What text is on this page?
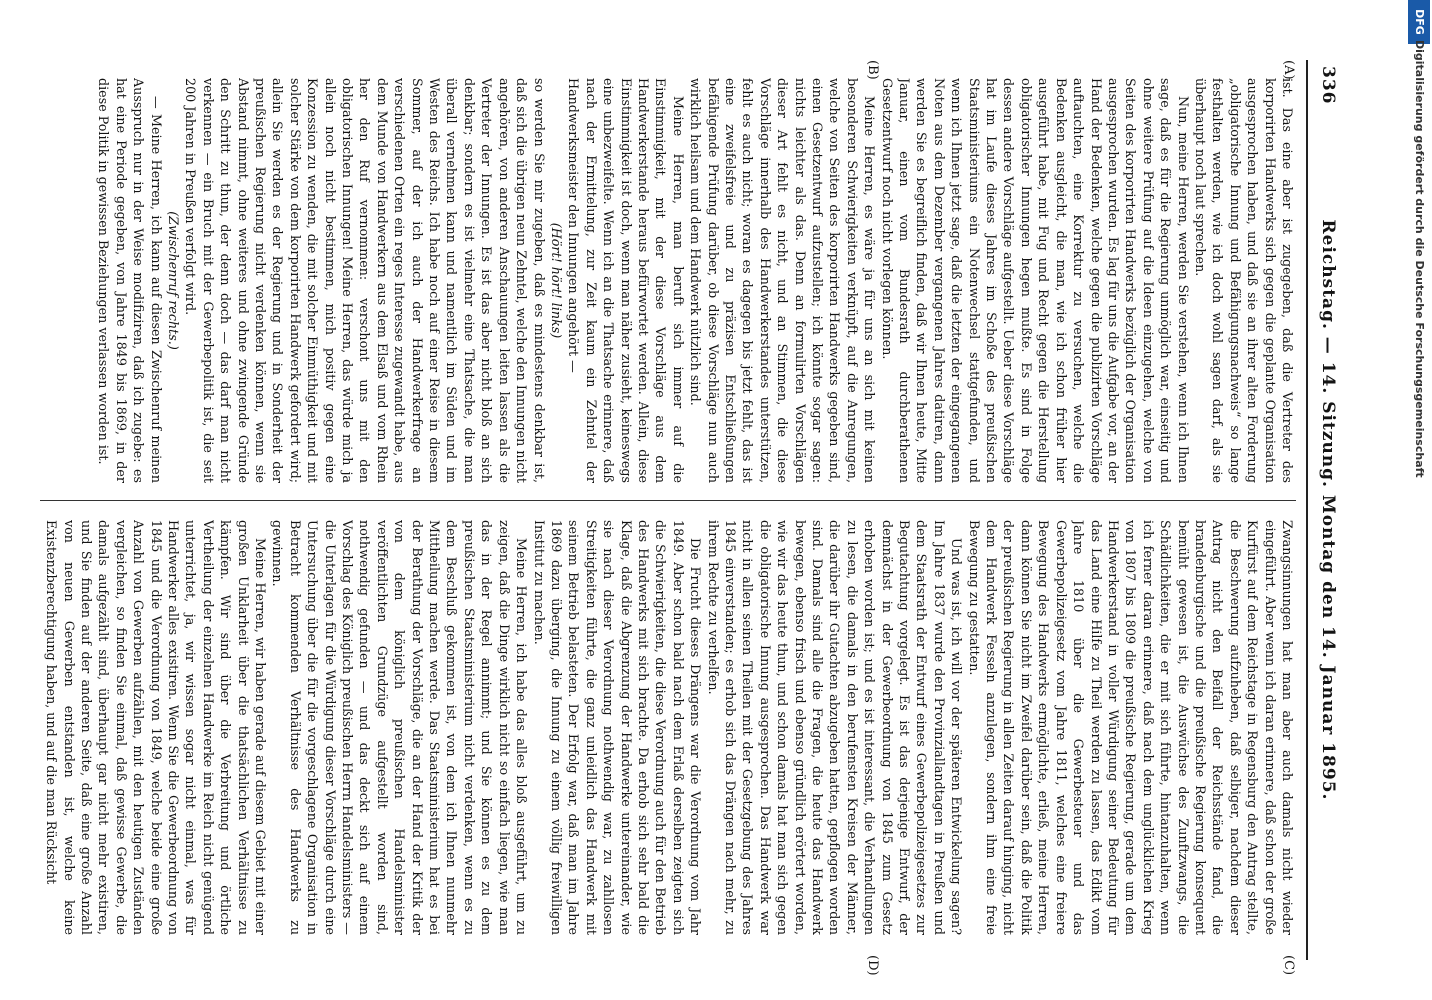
336
Reichstag. — 14. Sitzung. Montag den 14. Januar 1895.
(A)
(B)
(C)
(D)

ist. Das eine aber ist zugegeben, daß die Vertreter des korporirten Handwerks sich gegen die geplante Organisation ausgesprochen haben, und daß sie an ihrer alten Forderung „obligatorische Innung und Befähigungsnachweis“ so lange festhalten werden, wie ich doch wohl sagen darf, als sie überhaupt noch laut sprechen.

Nun, meine Herren, werden Sie verstehen, wenn ich Ihnen sage, daß es für die Regierung unmöglich war, einseitig und ohne weitere Prüfung auf die Ideen einzugehen, welche von Seiten des korporirten Handwerks bezüglich der Organisation ausgesprochen wurden. Es lag für uns die Aufgabe vor, an der Hand der Bedenken, welche gegen die publizirten Vorschläge auftauchten, eine Korrektur zu versuchen, welche die Bedenken ausgleicht, die man, wie ich schon früher hier ausgeführt habe, mit Fug und Recht gegen die Herstellung obligatorischer Innungen hegen mußte. Es sind in Folge dessen andere Vorschläge aufgestellt. Ueber diese Vorschläge hat im Laufe dieses Jahres im Schoße des preußischen Staatsministeriums ein Notenwechsel stattgefunden, und wenn ich Ihnen jetzt sage, daß die letzten der eingegangenen Noten aus dem Dezember vergangenen Jahres datiren, dann werden Sie es begreiflich finden, daß wir Ihnen heute, Mitte Januar, einen vom Bundesrath durchberathenen Gesetzentwurf noch nicht vorlegen können.

Meine Herren, es wäre ja für uns an sich mit keinen besonderen Schwierigkeiten verknüpft, auf die Anregungen, welche von Seiten des korporirten Handwerks gegeben sind, einen Gesetzentwurf aufzustellen; ich könnte sogar sagen: nichts leichter als das. Denn an formulirten Vorschlägen dieser Art fehlt es nicht, und an Stimmen, die diese Vorschläge innerhalb des Handwerkerstandes unterstützen, fehlt es auch nicht; woran es dagegen bis jetzt fehlt, das ist eine zweifelsfreie und zu präzisen Entschließungen befähigende Prüfung darüber, ob diese Vorschläge nun auch wirklich heilsam und dem Handwerk nützlich sind.

Meine Herren, man beruft sich immer auf die Einstimmigkeit, mit der diese Vorschläge aus dem Handwerkerstande heraus befürwortet werden. Allein, diese Einstimmigkeit ist doch, wenn man näher zusieht, keineswegs eine unbezweifelte. Wenn ich an die Thatsache erinnere, daß nach der Ermittelung, zur Zeit kaum ein Zehntel der Handwerksmeister den Innungen angehört —

(Hört! hört! links)

so werden Sie mir zugeben, daß es mindestens denkbar ist, daß sich die übrigen neun Zehntel, welche den Innungen nicht angehören, von anderen Anschauungen leiten lassen als die Vertreter der Innungen. Es ist das aber nicht bloß an sich denkbar; sondern es ist vielmehr eine Thatsache, die man überall vernehmen kann und namentlich im Süden und im Westen des Reichs. Ich habe noch auf einer Reise in diesem Sommer, auf der ich auch der Handwerkerfrage an verschiedenen Orten ein reges Interesse zugewandt habe, aus dem Munde von Handwerkern aus dem Elsaß und vom Rhein her den Ruf vernommen: verschont uns mit den obligatorischen Innungen! Meine Herren, das würde mich ja allein noch nicht bestimmen, mich positiv gegen eine Konzession zu wenden, die mit solcher Einmüthigkeit und mit solcher Stärke von dem korporirten Handwerk gefordert wird; allein Sie werden es der Regierung und in Sonderheit der preußischen Regierung nicht verdenken können, wenn sie Abstand nimmt, ohne weiteres und ohne zwingende Gründe den Schritt zu thun, der denn doch — das darf man nicht verkennen — ein Bruch mit der Gewerbepolitik ist, die seit 200 Jahren in Preußen verfolgt wird.

(Zwischenruf rechts.)

— Meine Herren, ich kann auf diesen Zwischenruf meinen Ausspruch nur in der Weise modifiziren, daß ich zugebe: es hat eine Periode gegeben, von Jahre 1849 bis 1869, in der diese Politik in gewissen Beziehungen verlassen worden ist.

Zwangsinnungen hat man aber auch damals nicht wieder eingeführt. Aber wenn ich daran erinnere, daß schon der große Kurfürst auf dem Reichstage in Regensburg den Antrag stellte, die Beschwerung aufzuheben, daß selbiger, nachdem dieser Antrag nicht den Beifall der Reichsstände fand, die brandenburgische und die preußische Regierung konsequent bemüht gewesen ist, die Auswüchse des Zunftzwangs, die Schädlichkeiten, die er mit sich führte, hintanzuhalten, wenn ich ferner daran erinnere, daß nach dem unglücklichen Krieg von 1807 bis 1809 die preußische Regierung, gerade um dem Handwerkerstand in voller Würdigung seiner Bedeutung für das Land eine Hilfe zu Theil werden zu lassen, das Edikt vom Jahre 1810 über die Gewerbesteuer und das Gewerbepolizeigesetz vom Jahre 1811, welches eine freiere Bewegung des Handwerks ermöglichte, erließ, meine Herren, dann können Sie nicht im Zweifel darüber sein, daß die Politik der preußischen Regierung in allen Zeiten darauf hinging, nicht dem Handwerk Fesseln anzulegen, sondern ihm eine freie Bewegung zu gestatten.

Und was ist, ich will vor der späteren Entwickelung sagen? Im Jahre 1837 wurde den Provinziallandtagen in Preußen und dem Staatsrath der Entwurf eines Gewerbepolizeigesetzes zur Begutachtung vorgelegt. Es ist das derjenige Entwurf, der demnächst in der Gewerbeordnung von 1845 zum Gesetz erhoben worden ist; und es ist interessant, die Verhandlungen zu lesen, die damals in den berufensten Kreisen der Männer, die darüber ihr Gutachten abzugeben hatten, gepflogen worden sind. Damals sind alle die Fragen, die heute das Handwerk bewegen, ebenso frisch und ebenso gründlich erörtert worden, wie wir das heute thun, und schon damals hat man sich gegen die obligatorische Innung ausgesprochen. Das Handwerk war nicht in allen seinen Theilen mit der Gesetzgebung des Jahres 1845 einverstanden; es erhob sich das Drängen nach mehr, zu ihrem Rechte zu verhelfen.

Die Frucht dieses Drängens war die Verordnung vom Jahr 1849. Aber schon bald nach dem Erlaß derselben zeigten sich die Schwierigkeiten, die diese Verordnung auch für den Betrieb des Handwerks mit sich brachte. Da erhob sich sehr bald die Klage, daß die Abgrenzung der Handwerke untereinander, wie sie nach dieser Verordnung nothwendig war, zu zahllosen Streitigkeiten führte, die ganz unleidlich das Handwerk mit seinem Betrieb belasteten. Der Erfolg war, daß man im Jahre 1869 dazu überging, die Innung zu einem völlig freiwilligen Institut zu machen.

Meine Herren, ich habe das alles bloß ausgeführt, um zu zeigen, daß die Dinge wirklich nicht so einfach liegen, wie man das in der Regel annimmt; und Sie können es zu dem preußischen Staatsministerium nicht verdenken, wenn es zu dem Beschluß gekommen ist, von dem ich Ihnen nunmehr Mittheilung machen werde. Das Staatsministerium hat es bei der Berathung der Vorschläge, die an der Hand der Kritik der von dem königlich preußischen Handelsminister veröffentlichten Grundzüge aufgestellt worden sind, nothwendig gefunden — und das deckt sich auf einem Vorschlag des Königlich preußischen Herrn Handelsministers — die Unterlagen für die Würdigung dieser Vorschläge durch eine Untersuchung über die für die vorgeschlagene Organisation in Betracht kommenden Verhältnisse des Handwerks zu gewinnen.

Meine Herren, wir haben gerade auf diesem Gebiet mit einer großen Unklarheit über die thatsächlichen Verhältnisse zu kämpfen. Wir sind über die Verbreitung und örtliche Vertheilung der einzelnen Handwerke im Reich nicht genügend unterrichtet, ja, wir wissen sogar nicht einmal, was für Handwerker alles existiren. Wenn Sie die Gewerbeordnung von 1845 und die Verordnung von 1849, welche beide eine große Anzahl von Gewerben aufzählen, mit den heutigen Zuständen vergleichen, so finden Sie einmal, daß gewisse Gewerbe, die damals aufgezählt sind, überhaupt gar nicht mehr existiren, und Sie finden auf der anderen Seite, daß eine große Anzahl von neuen Gewerben entstanden ist, welche keine Existenzberechtigung haben, und auf die man Rücksicht

DFG
Digitalisierung gefördert durch die Deutsche Forschungsgemeinschaft
